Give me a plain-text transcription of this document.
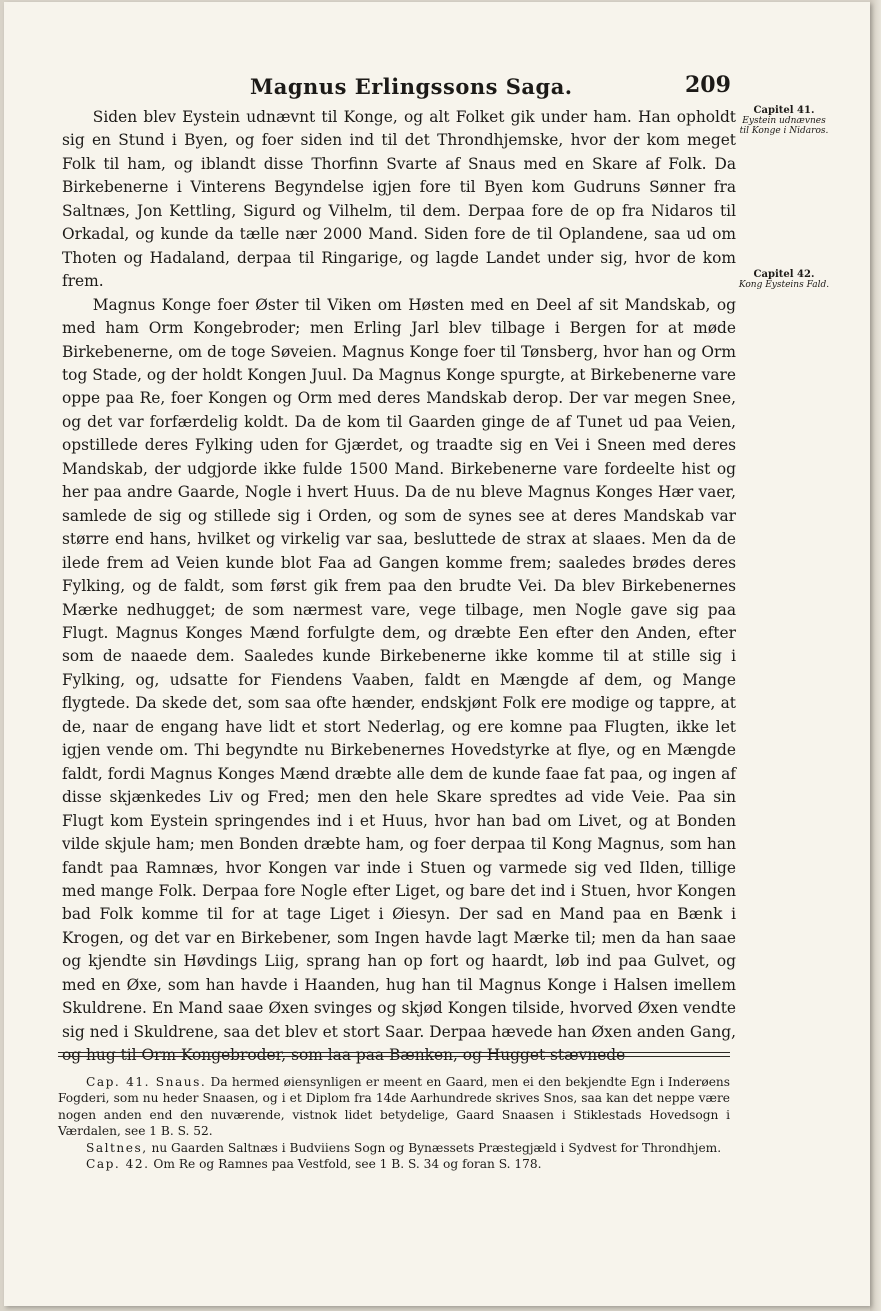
Magnus Erlingssons Saga.	209

Siden blev Eystein udnævnt til Konge, og alt Folket gik under ham. Han opholdt sig en Stund i Byen, og foer siden ind til det Throndhjemske, hvor der kom meget Folk til ham, og iblandt disse Thorfinn Svarte af Snaus med en Skare af Folk. Da Birkebenerne i Vinterens Begyndelse igjen fore til Byen kom Gudruns Sønner fra Saltnæs, Jon Kettling, Sigurd og Vilhelm, til dem. Derpaa fore de op fra Nidaros til Orkadal, og kunde da tælle nær 2000 Mand. Siden fore de til Oplandene, saa ud om Thoten og Hadaland, derpaa til Ringarige, og lagde Landet under sig, hvor de kom frem.

Magnus Konge foer Øster til Viken om Høsten med en Deel af sit Mandskab, og med ham Orm Kongebroder; men Erling Jarl blev tilbage i Bergen for at møde Birkebenerne, om de toge Søveien. Magnus Konge foer til Tønsberg, hvor han og Orm tog Stade, og der holdt Kongen Juul. Da Magnus Konge spurgte, at Birkebenerne vare oppe paa Re, foer Kongen og Orm med deres Mandskab derop. Der var megen Snee, og det var forfærdelig koldt. Da de kom til Gaarden ginge de af Tunet ud paa Veien, opstillede deres Fylking uden for Gjærdet, og traadte sig en Vei i Sneen med deres Mandskab, der udgjorde ikke fulde 1500 Mand. Birkebenerne vare fordeelte hist og her paa andre Gaarde, Nogle i hvert Huus. Da de nu bleve Magnus Konges Hær vaer, samlede de sig og stillede sig i Orden, og som de synes see at deres Mandskab var større end hans, hvilket og virkelig var saa, besluttede de strax at slaaes. Men da de ilede frem ad Veien kunde blot Faa ad Gangen komme frem; saaledes brødes deres Fylking, og de faldt, som først gik frem paa den brudte Vei. Da blev Birkebenernes Mærke nedhugget; de som nærmest vare, vege tilbage, men Nogle gave sig paa Flugt. Magnus Konges Mænd forfulgte dem, og dræbte Een efter den Anden, efter som de naaede dem. Saaledes kunde Birkebenerne ikke komme til at stille sig i Fylking, og, udsatte for Fiendens Vaaben, faldt en Mængde af dem, og Mange flygtede. Da skede det, som saa ofte hænder, endskjønt Folk ere modige og tappre, at de, naar de engang have lidt et stort Nederlag, og ere komne paa Flugten, ikke let igjen vende om. Thi begyndte nu Birkebenernes Hovedstyrke at flye, og en Mængde faldt, fordi Magnus Konges Mænd dræbte alle dem de kunde faae fat paa, og ingen af disse skjænkedes Liv og Fred; men den hele Skare spredtes ad vide Veie. Paa sin Flugt kom Eystein springendes ind i et Huus, hvor han bad om Livet, og at Bonden vilde skjule ham; men Bonden dræbte ham, og foer derpaa til Kong Magnus, som han fandt paa Ramnæs, hvor Kongen var inde i Stuen og varmede sig ved Ilden, tillige med mange Folk. Derpaa fore Nogle efter Liget, og bare det ind i Stuen, hvor Kongen bad Folk komme til for at tage Liget i Øiesyn. Der sad en Mand paa en Bænk i Krogen, og det var en Birkebener, som Ingen havde lagt Mærke til; men da han saae og kjendte sin Høvdings Liig, sprang han op fort og haardt, løb ind paa Gulvet, og med en Øxe, som han havde i Haanden, hug han til Magnus Konge i Halsen imellem Skuldrene. En Mand saae Øxen svinges og skjød Kongen tilside, hvorved Øxen vendte sig ned i Skuldrene, saa det blev et stort Saar. Derpaa hævede han Øxen anden Gang, og hug til Orm Kongebroder, som laa paa Bænken, og Hugget stævnede

Capitel 41.
Eystein udnævnes til Konge i Nidaros.
Capitel 42.
Kong Eysteins Fald.

Cap. 41. Snaus. Da hermed øiensynligen er meent en Gaard, men ei den bekjendte Egn i Inderøens Fogderi, som nu heder Snaasen, og i et Diplom fra 14de Aarhundrede skrives Snos, saa kan det neppe være nogen anden end den nuværende, vistnok lidet betydelige, Gaard Snaasen i Stiklestads Hovedsogn i Værdalen, see 1 B. S. 52.

Saltnes, nu Gaarden Saltnæs i Budviiens Sogn og Bynæssets Præstegjæld i Sydvest for Throndhjem.

Cap. 42. Om Re og Ramnes paa Vestfold, see 1 B. S. 34 og foran S. 178.
